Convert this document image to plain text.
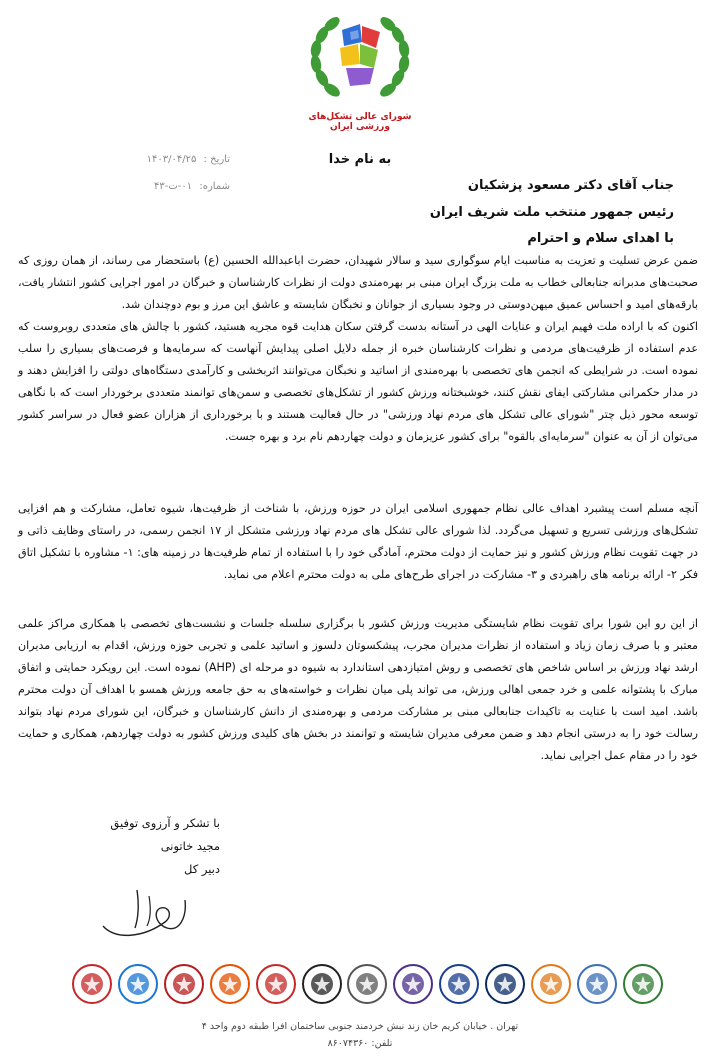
شورای عالی تشکل‌های ورزشی ایران
به نام خدا
تاریخ : ۱۴۰۳/۰۴/۲۵
شماره: ۰۱-ت-۴۳	جناب آقای دکتر مسعود پزشکیان
رئیس جمهور منتخب ملت شریف ایران
با اهدای سلام و احترام
ضمن عرض تسلیت و تعزیت به مناسبت ایام سوگواری سید و سالار شهیدان، حضرت اباعبدالله الحسین (ع) باستحضار می رساند، از همان روزی که صحبت‌های مدبرانه جنابعالی خطاب به ملت بزرگ ایران مبنی بر بهره‌مندی دولت از نظرات کارشناسان و خبرگان در امور اجرایی کشور انتشار یافت، بارقه‌های امید و احساس عمیق میهن‌دوستی در وجود بسیاری از جوانان و نخبگان شایسته و عاشق این مرز و بوم دوچندان شد.
اکنون که با اراده ملت فهیم ایران و عنایات الهی در آستانه بدست گرفتن سکان هدایت قوه مجریه هستید، کشور با چالش های متعددی روبروست که عدم استفاده از ظرفیت‌های مردمی و نظرات کارشناسان خبره از جمله دلایل اصلی پیدایش آنهاست که سرمایه‌ها و فرصت‌های بسیاری را سلب نموده است. در شرایطی که انجمن های تخصصی با بهره‌مندی از اساتید و نخبگان می‌توانند اثربخشی و کارآمدی دستگاه‌های دولتی را افزایش دهند و در مدار حکمرانی مشارکتی ایفای نقش کنند، خوشبختانه ورزش کشور از تشکل‌های تخصصی و سمن‌های توانمند متعددی برخوردار است که با نگاهی توسعه محور ذیل چتر "شورای عالی تشکل های مردم نهاد ورزشی" در حال فعالیت هستند و با برخورداری از هزاران عضو فعال در سراسر کشور می‌توان از آن به عنوان "سرمایه‌ای بالقوه" برای کشور عزیزمان و دولت چهاردهم نام برد و بهره جست.
آنچه مسلم است پیشبرد اهداف عالی نظام جمهوری اسلامی ایران در حوزه ورزش، با شناخت از ظرفیت‌ها، شیوه تعامل، مشارکت و هم افزایی تشکل‌های ورزشی تسریع و تسهیل می‌گردد. لذا شورای عالی تشکل های مردم نهاد ورزشی متشکل از ۱۷ انجمن رسمی، در راستای وظایف ذاتی و در جهت تقویت نظام ورزش کشور و نیز حمایت از دولت محترم، آمادگی خود را با استفاده از تمام ظرفیت‌ها در زمینه های: ۱- مشاوره با تشکیل اتاق فکر ۲- ارائه برنامه های راهبردی و ۳- مشارکت در اجرای طرح‌های ملی به دولت محترم اعلام می نماید.
از این رو این شورا برای تقویت نظام شایستگی مدیریت ورزش کشور با برگزاری سلسله جلسات و نشست‌های تخصصی با همکاری مراکز علمی معتبر و با صرف زمان زیاد و استفاده از نظرات مدیران مجرب، پیشکسوتان دلسوز و اساتید علمی و تجربی حوزه ورزش، اقدام به ارزیابی مدیران ارشد نهاد ورزش بر اساس شاخص های تخصصی و روش امتیازدهی استاندارد به شیوه دو مرحله ای (AHP) نموده است. این رویکرد حمایتی و اتفاق مبارک با پشتوانه علمی و خرد جمعی اهالی ورزش، می تواند پلی میان نظرات و خواسته‌های به حق جامعه ورزش همسو با اهداف آن دولت محترم باشد. امید است با عنایت به تاکیدات جنابعالی مبنی بر مشارکت مردمی و بهره‌مندی از دانش کارشناسان و خبرگان، این شورای مردم نهاد بتواند رسالت خود را به درستی انجام دهد و ضمن معرفی مدیران شایسته و توانمند در بخش های کلیدی ورزش کشور به دولت چهاردهم، همکاری و حمایت خود را در مقام عمل اجرایی نماید.
با تشکر و آرزوی توفیق
مجید خاتونی
دبیر کل
تهران . خیابان کریم خان زند نبش خردمند جنوبی ساختمان افرا طبقه دوم واحد ۴
تلفن: ۸۶۰۷۴۳۶۰
